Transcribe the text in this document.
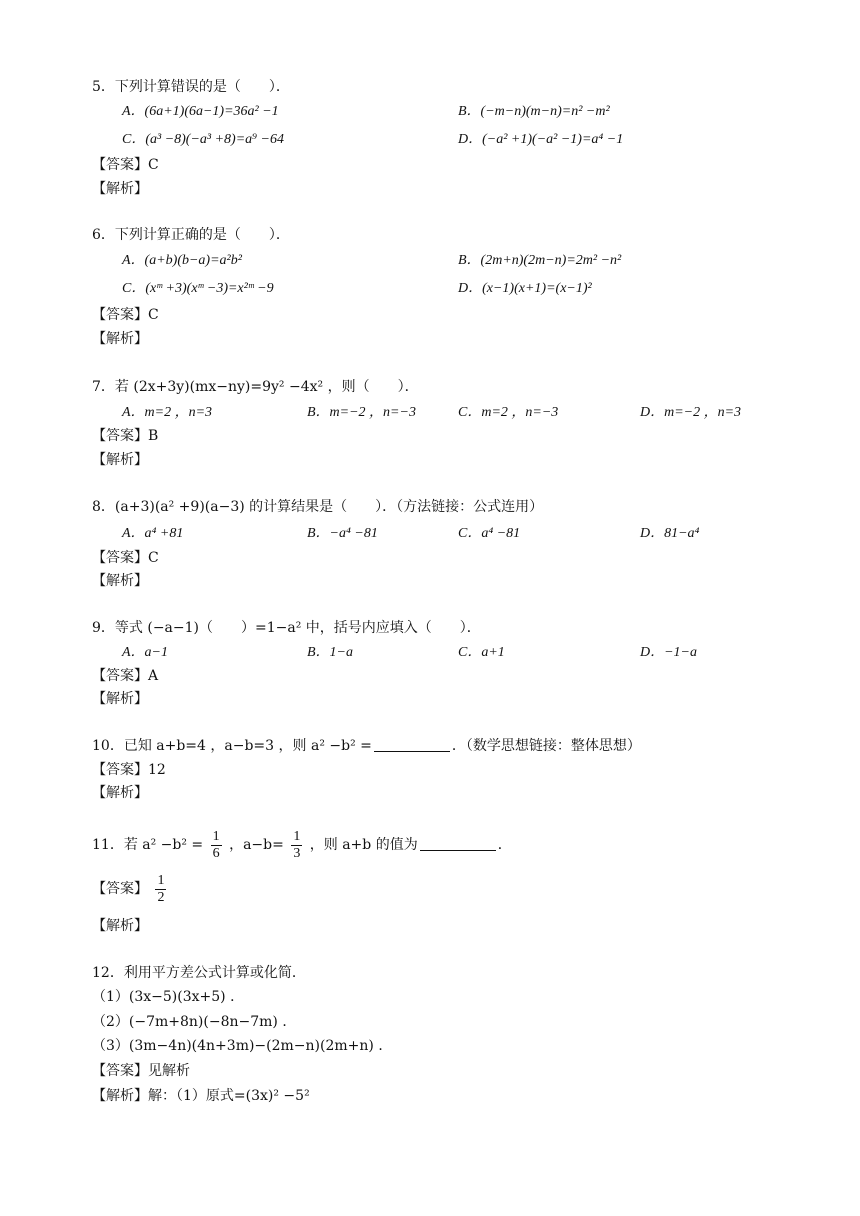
5．下列计算错误的是（　　）．
A．(6a+1)(6a−1)=36a² −1	B．(−m−n)(m−n)=n² −m²
C．(a³ −8)(−a³ +8)=a⁹ −64	D．(−a² +1)(−a² −1)=a⁴ −1
【答案】C
【解析】
6．下列计算正确的是（　　）．
A．(a+b)(b−a)=a²b²	B．(2m+n)(2m−n)=2m² −n²
C．(xᵐ +3)(xᵐ −3)=x²ᵐ −9	D．(x−1)(x+1)=(x−1)²
【答案】C
【解析】
7．若 (2x+3y)(mx−ny)=9y² −4x² ，则（　　）．
A．m=2 ，n=3	B．m=−2 ，n=−3	C．m=2 ，n=−3	D．m=−2 ，n=3
【答案】B
【解析】
8．(a+3)(a² +9)(a−3) 的计算结果是（　　）．（方法链接：公式连用）
A．a⁴ +81	B．−a⁴ −81	C．a⁴ −81	D．81−a⁴
【答案】C
【解析】
9．等式 (−a−1)（　　）=1−a² 中，括号内应填入（　　）．
A．a−1	B．1−a	C．a+1	D．−1−a
【答案】A
【解析】
10．已知 a+b=4 ，a−b=3 ，则 a² −b² =	．（数学思想链接：整体思想）
【答案】12
【解析】
11．若 $a^2 -b^2 = \frac{1}{6}$ ，$a-b= \frac{1}{3}$ ，则 a+b 的值为	．
【答案】 $\frac{1}{2}$
【解析】
12．利用平方差公式计算或化简．
（1）(3x−5)(3x+5) ．
（2）(−7m+8n)(−8n−7m) ．
（3）(3m−4n)(4n+3m)−(2m−n)(2m+n) ．
【答案】见解析
【解析】解：（1）原式=(3x)² −5²
